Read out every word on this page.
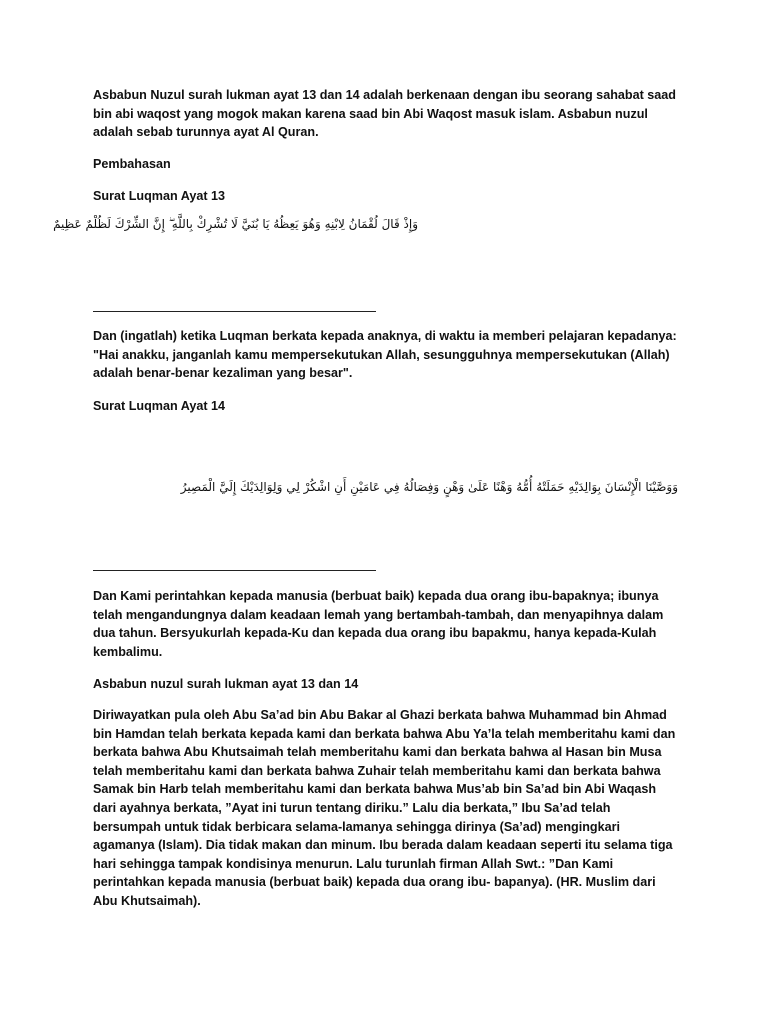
Asbabun Nuzul surah lukman ayat 13 dan 14 adalah berkenaan dengan ibu seorang sahabat saad bin abi waqost yang mogok makan karena saad bin Abi Waqost masuk islam. Asbabun nuzul adalah sebab turunnya ayat Al Quran.

Pembahasan

Surat Luqman Ayat 13

وَإِذْ قَالَ لُقْمَانُ لِابْنِهِ وَهُوَ يَعِظُهُ يَا بُنَيَّ لَا تُشْرِكْ بِاللَّهِ ۖ إِنَّ الشِّرْكَ لَظُلْمٌ عَظِيمٌ

Dan (ingatlah) ketika Luqman berkata kepada anaknya, di waktu ia memberi pelajaran kepadanya: "Hai anakku, janganlah kamu mempersekutukan Allah, sesungguhnya mempersekutukan (Allah) adalah benar-benar kezaliman yang besar".

Surat Luqman Ayat 14

وَوَصَّيْنَا الْإِنْسَانَ بِوَالِدَيْهِ حَمَلَتْهُ أُمُّهُ وَهْنًا عَلَىٰ وَهْنٍ وَفِصَالُهُ فِي عَامَيْنِ أَنِ اشْكُرْ لِي وَلِوَالِدَيْكَ إِلَيَّ الْمَصِيرُ

Dan Kami perintahkan kepada manusia (berbuat baik) kepada dua orang ibu-bapaknya; ibunya telah mengandungnya dalam keadaan lemah yang bertambah-tambah, dan menyapihnya dalam dua tahun. Bersyukurlah kepada-Ku dan kepada dua orang ibu bapakmu, hanya kepada-Kulah kembalimu.

Asbabun nuzul surah lukman ayat 13 dan 14

Diriwayatkan pula oleh Abu Sa’ad bin Abu Bakar al Ghazi berkata bahwa Muhammad bin Ahmad bin Hamdan telah berkata kepada kami dan berkata bahwa Abu Ya’la telah memberitahu kami dan berkata bahwa Abu Khutsaimah telah memberitahu kami dan berkata bahwa al Hasan bin Musa telah memberitahu kami dan berkata bahwa Zuhair telah memberitahu kami dan berkata bahwa Samak bin Harb telah memberitahu kami dan berkata bahwa Mus’ab bin Sa’ad bin Abi Waqash dari ayahnya berkata, ”Ayat ini turun tentang diriku.” Lalu dia berkata,” Ibu Sa’ad telah bersumpah untuk tidak berbicara selama-lamanya sehingga dirinya (Sa’ad) mengingkari agamanya (Islam). Dia tidak makan dan minum. Ibu berada dalam keadaan seperti itu selama tiga hari sehingga tampak kondisinya menurun. Lalu turunlah firman Allah Swt.: ”Dan Kami perintahkan kepada manusia (berbuat baik) kepada dua orang ibu- bapanya). (HR. Muslim dari Abu Khutsaimah).
